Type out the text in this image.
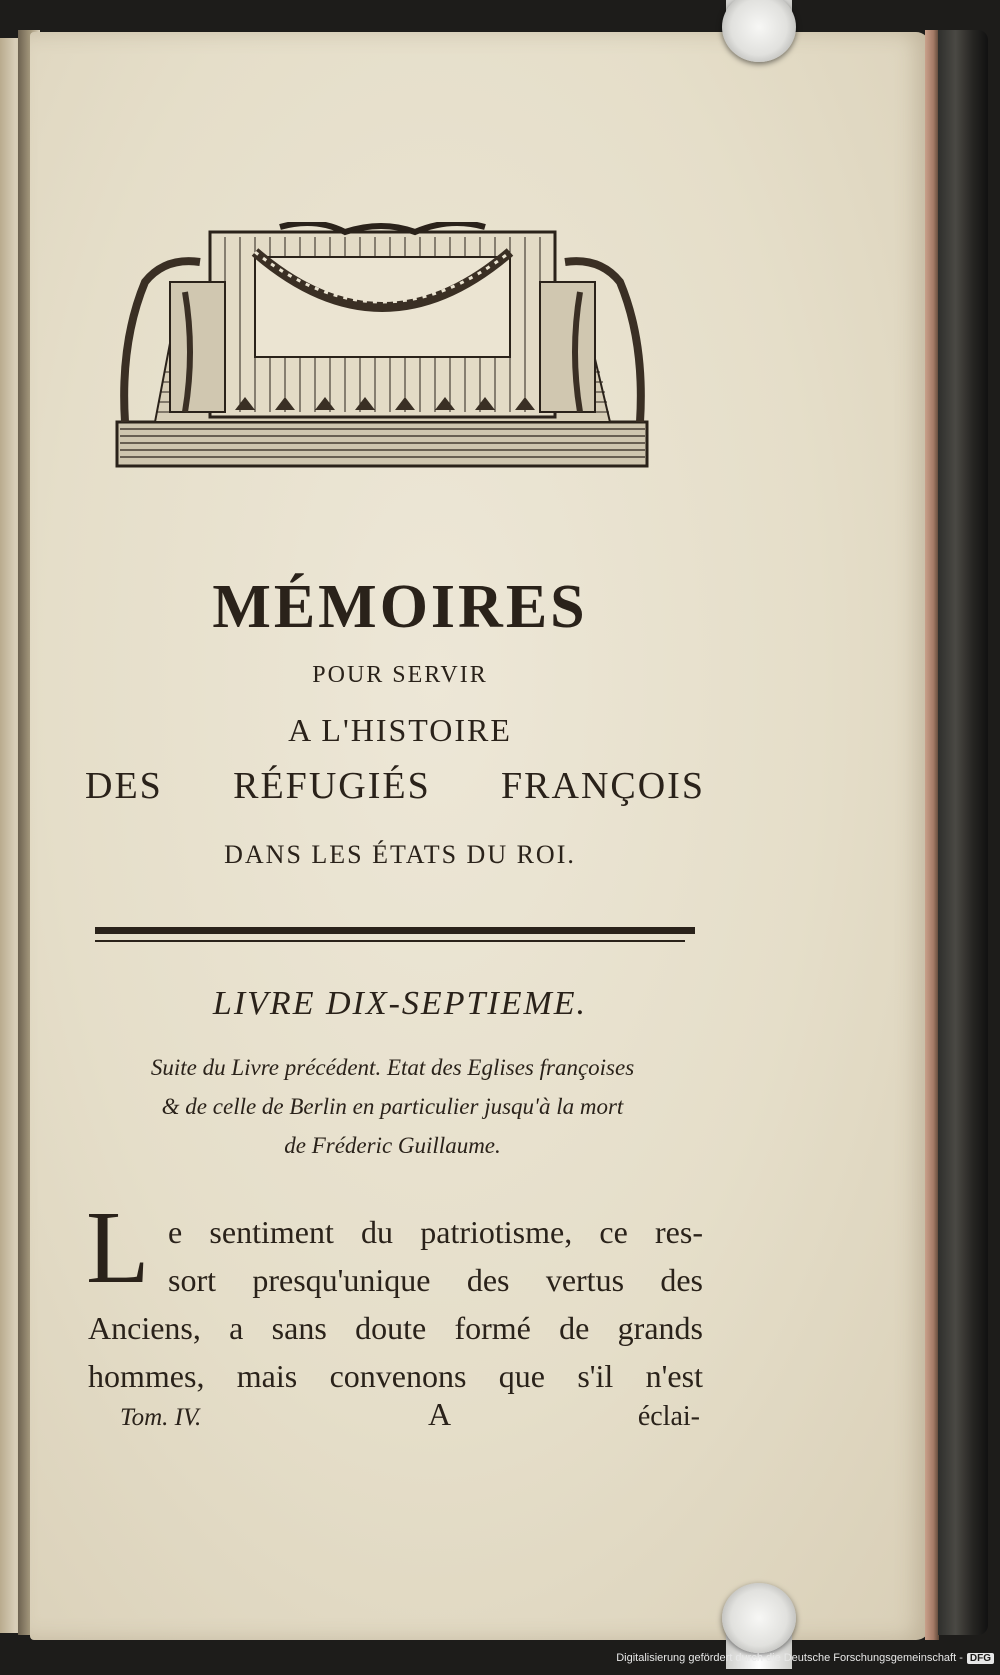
MÉMOIRES
POUR SERVIR
A L'HISTOIRE
DES RÉFUGIÉS FRANÇOIS
DANS LES ÉTATS DU ROI.
LIVRE DIX-SEPTIEME.
Suite du Livre précédent. Etat des Eglises françoises
& de celle de Berlin en particulier jusqu'à la mort
de Fréderic Guillaume.
L e sentiment du patriotisme, ce res-
sort presqu'unique des vertus des
Anciens, a sans doute formé de grands
hommes, mais convenons que s'il n'est
Tom. IV.	A	éclai-
Digitalisierung gefördert durch die Deutsche Forschungsgemeinschaft - DFG
